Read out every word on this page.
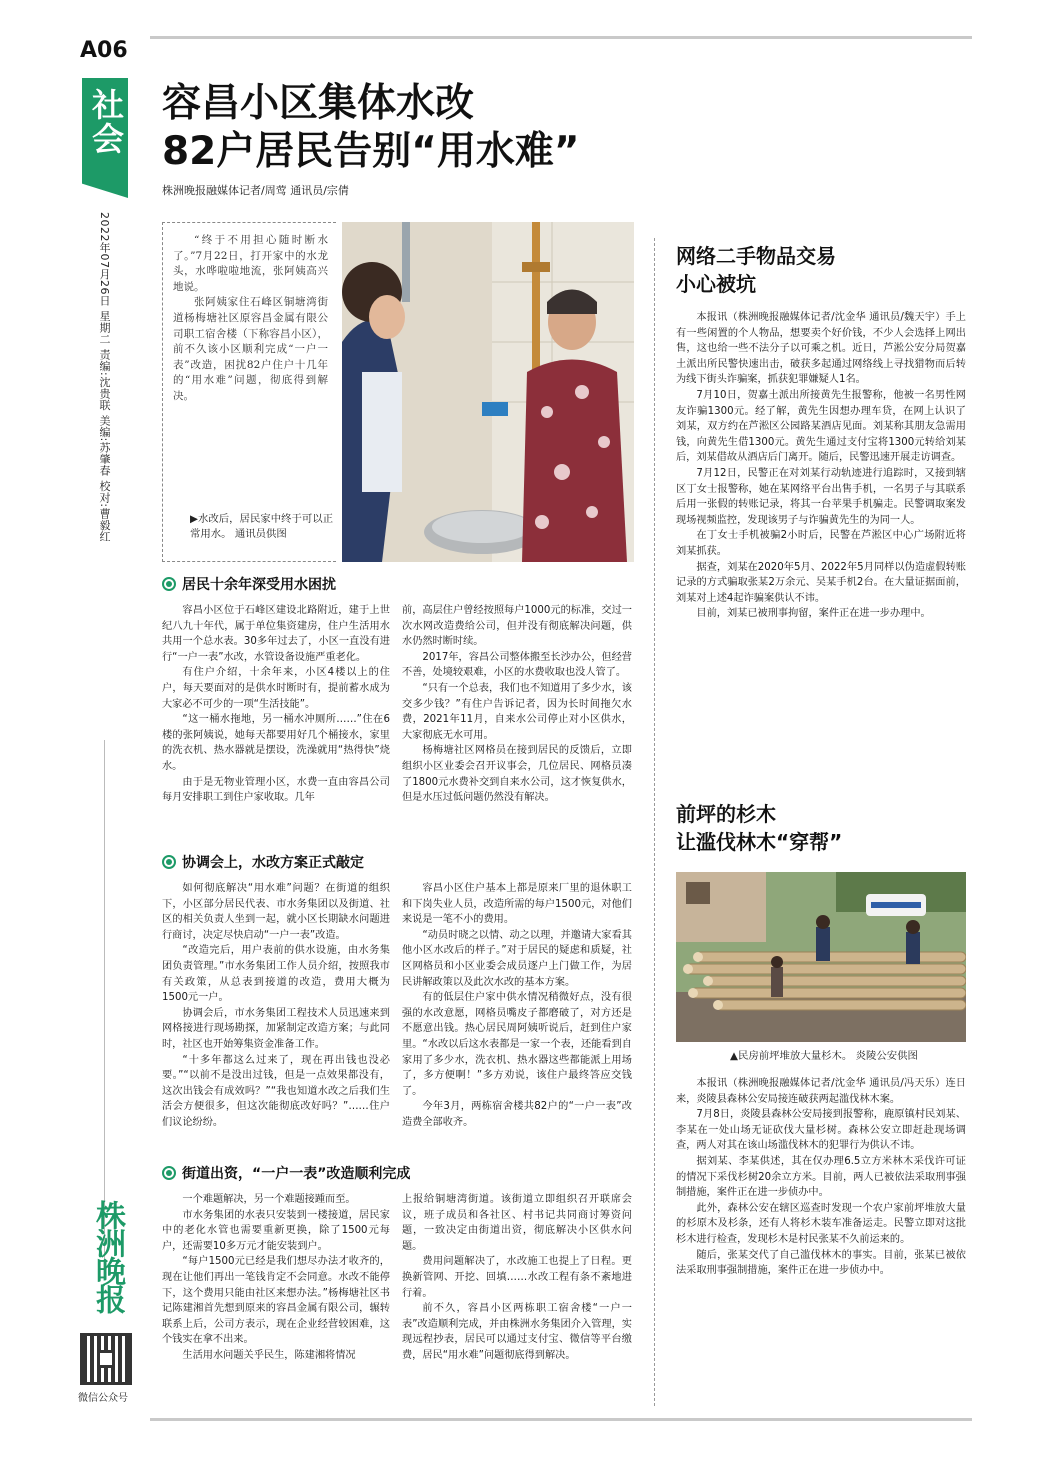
A06
社会
2022年07月26日 星期二 责编:沈贵联 美编:苏肇春 校对:曹毅红
株洲晚报
微信公众号
容昌小区集体水改
82户居民告别“用水难”
株洲晚报融媒体记者/周莺 通讯员/宗倩

“终于不用担心随时断水了。”7月22日，打开家中的水龙头，水哗啦啦地流，张阿姨高兴地说。

张阿姨家住石峰区铜塘湾街道杨梅塘社区原容昌金属有限公司职工宿舍楼（下称容昌小区），前不久该小区顺利完成“一户一表”改造，困扰82户住户十几年的“用水难”问题，彻底得到解决。

▶水改后，居民家中终于可以正常用水。 通讯员供图
居民十余年深受用水困扰

容昌小区位于石峰区建设北路附近，建于上世纪八九十年代，属于单位集资建房，住户生活用水共用一个总水表。30多年过去了，小区一直没有进行“一户一表”水改，水管设备设施严重老化。

有住户介绍，十余年来，小区4楼以上的住户，每天要面对的是供水时断时有，提前蓄水成为大家必不可少的一项“生活技能”。

“这一桶水拖地，另一桶水冲厕所……”住在6楼的张阿姨说，她每天都要用好几个桶接水，家里的洗衣机、热水器就是摆设，洗澡就用“热得快”烧水。

由于是无物业管理小区，水费一直由容昌公司每月安排职工到住户家收取。几年

前，高层住户曾经按照每户1000元的标准，交过一次水网改造费给公司，但并没有彻底解决问题，供水仍然时断时续。

2017年，容昌公司整体搬至长沙办公，但经营不善，处境较艰难，小区的水费收取也没人管了。

“只有一个总表，我们也不知道用了多少水，该交多少钱？”有住户告诉记者，因为长时间拖欠水费，2021年11月，自来水公司停止对小区供水，大家彻底无水可用。

杨梅塘社区网格员在接到居民的反馈后，立即组织小区业委会召开议事会，几位居民、网格员凑了1800元水费补交到自来水公司，这才恢复供水，但是水压过低问题仍然没有解决。

协调会上，水改方案正式敲定

如何彻底解决“用水难”问题？在街道的组织下，小区部分居民代表、市水务集团以及街道、社区的相关负责人坐到一起，就小区长期缺水问题进行商讨，决定尽快启动“一户一表”改造。

“改造完后，用户表前的供水设施，由水务集团负责管理。”市水务集团工作人员介绍，按照我市有关政策，从总表到接道的改造，费用大概为1500元一户。

协调会后，市水务集团工程技术人员迅速来到网格接进行现场勘探，加紧制定改造方案；与此同时，社区也开始筹集资金准备工作。

“十多年都这么过来了，现在再出钱也没必要。”“以前不是没出过钱，但是一点效果都没有，这次出钱会有成效吗？”“我也知道水改之后我们生活会方便很多，但这次能彻底改好吗？”……住户们议论纷纷。

容昌小区住户基本上都是原来厂里的退休职工和下岗失业人员，改造所需的每户1500元，对他们来说是一笔不小的费用。

“动员时晓之以情、动之以理，并邀请大家看其他小区水改后的样子。”对于居民的疑虑和质疑，社区网格员和小区业委会成员逐户上门做工作，为居民讲解政策以及此次水改的基本方案。

有的低层住户家中供水情况稍微好点，没有很强的水改意愿，网格员嘴皮子都磨破了，对方还是不愿意出钱。热心居民周阿姨听说后，赶到住户家里。“水改以后这水表都是一家一个表，还能看到自家用了多少水，洗衣机、热水器这些都能派上用场了，多方便啊！”多方劝说，该住户最终答应交钱了。

今年3月，两栋宿舍楼共82户的“一户一表”改造费全部收齐。

街道出资，“一户一表”改造顺利完成

一个难题解决，另一个难题接踵而至。

市水务集团的水表只安装到一楼接道，居民家中的老化水管也需要重新更换，除了1500元每户，还需要10多万元才能安装到户。

“每户1500元已经是我们想尽办法才收齐的，现在让他们再出一笔钱肯定不会同意。水改不能停下，这个费用只能由社区来想办法。”杨梅塘社区书记陈建湘首先想到原来的容昌金属有限公司，辗转联系上后，公司方表示，现在企业经营较困难，这个钱实在拿不出来。

生活用水问题关乎民生，陈建湘将情况

上报给铜塘湾街道。该街道立即组织召开联席会议，班子成员和各社区、村书记共同商讨筹资问题，一致决定由街道出资，彻底解决小区供水问题。

费用问题解决了，水改施工也提上了日程。更换新管网、开挖、回填……水改工程有条不紊地进行着。

前不久，容昌小区两栋职工宿舍楼“一户一表”改造顺利完成，并由株洲水务集团介入管理，实现远程抄表，居民可以通过支付宝、微信等平台缴费，居民“用水难”问题彻底得到解决。

网络二手物品交易
小心被坑

本报讯（株洲晚报融媒体记者/沈金华 通讯员/魏天宇）手上有一些闲置的个人物品，想要卖个好价钱，不少人会选择上网出售，这也给一些不法分子以可乘之机。近日，芦淞公安分局贺嘉土派出所民警快速出击，破获多起通过网络线上寻找猎物而后转为线下街头诈骗案，抓获犯罪嫌疑人1名。

7月10日，贺嘉土派出所接黄先生报警称，他被一名男性网友诈骗1300元。经了解，黄先生因想办理车贷，在网上认识了刘某，双方约在芦淞区公园路某酒店见面。刘某称其朋友急需用钱，向黄先生借1300元。黄先生通过支付宝将1300元转给刘某后，刘某借故从酒店后门离开。随后，民警迅速开展走访调查。

7月12日，民警正在对刘某行动轨迹进行追踪时，又接到辖区丁女士报警称，她在某网络平台出售手机，一名男子与其联系后用一张假的转账记录，将其一台苹果手机骗走。民警调取案发现场视频监控，发现该男子与诈骗黄先生的为同一人。

在丁女士手机被骗2小时后，民警在芦淞区中心广场附近将刘某抓获。

据查，刘某在2020年5月、2022年5月同样以伪造虚假转账记录的方式骗取张某2万余元、吴某手机2台。在大量证据面前，刘某对上述4起诈骗案供认不讳。

目前，刘某已被刑事拘留，案件正在进一步办理中。

前坪的杉木
让滥伐林木“穿帮”
▲民房前坪堆放大量杉木。 炎陵公安供图

本报讯（株洲晚报融媒体记者/沈金华 通讯员/冯天乐）连日来，炎陵县森林公安局接连破获两起滥伐林木案。

7月8日，炎陵县森林公安局接到报警称，鹿原镇村民刘某、李某在一处山场无证砍伐大量杉树。森林公安立即赶赴现场调查，两人对其在该山场滥伐林木的犯罪行为供认不讳。

据刘某、李某供述，其在仅办理6.5立方米林木采伐许可证的情况下采伐杉树20余立方米。目前，两人已被依法采取刑事强制措施，案件正在进一步侦办中。

此外，森林公安在辖区巡查时发现一个农户家前坪堆放大量的杉原木及杉条，还有人将杉木装车准备运走。民警立即对这批杉木进行检查，发现杉木是村民张某不久前运来的。

随后，张某交代了自己滥伐林木的事实。目前，张某已被依法采取刑事强制措施，案件正在进一步侦办中。
